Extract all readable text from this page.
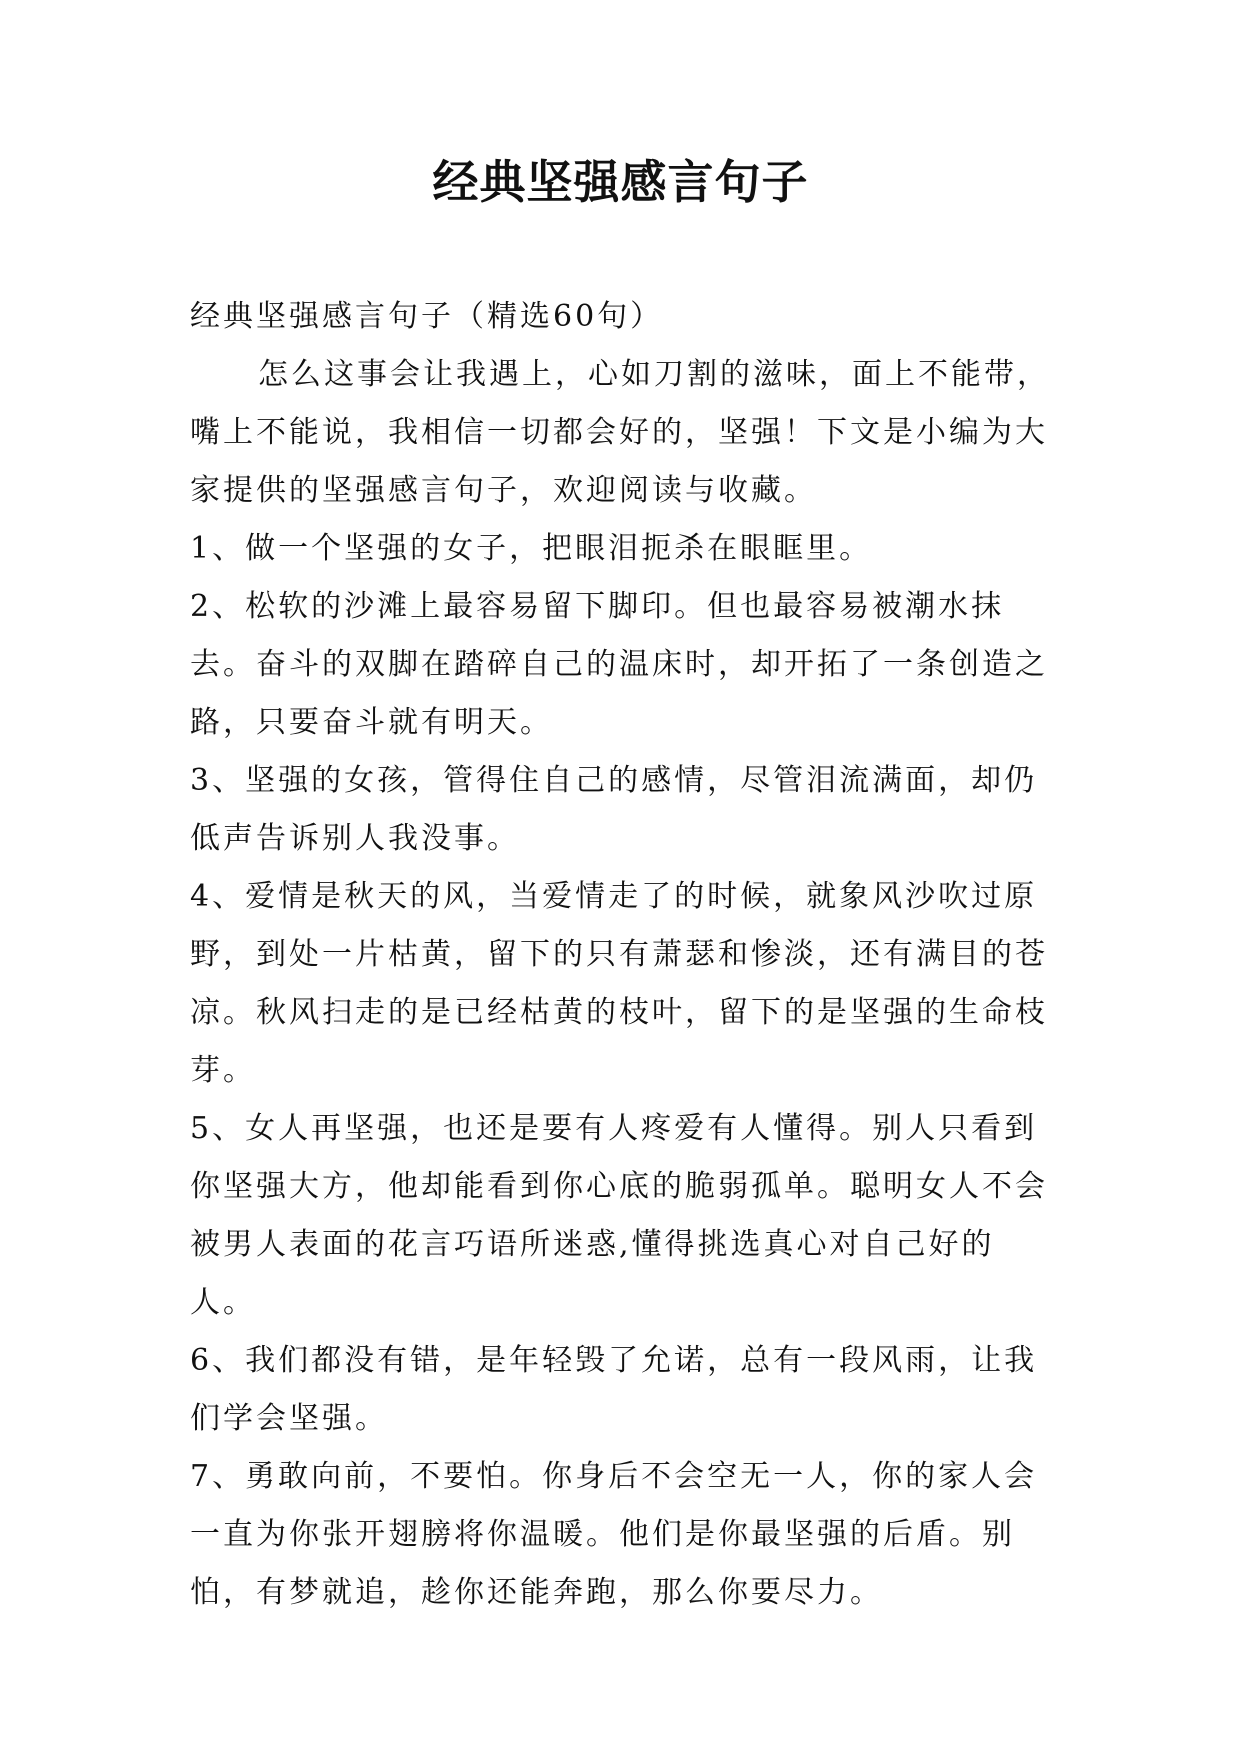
经典坚强感言句子

经典坚强感言句子（精选60句）

怎么这事会让我遇上，心如刀割的滋味，面上不能带，嘴上不能说，我相信一切都会好的，坚强！下文是小编为大家提供的坚强感言句子，欢迎阅读与收藏。

1、做一个坚强的女子，把眼泪扼杀在眼眶里。

2、松软的沙滩上最容易留下脚印。但也最容易被潮水抹去。奋斗的双脚在踏碎自己的温床时，却开拓了一条创造之路，只要奋斗就有明天。

3、坚强的女孩，管得住自己的感情，尽管泪流满面，却仍低声告诉别人我没事。

4、爱情是秋天的风，当爱情走了的时候，就象风沙吹过原野，到处一片枯黄，留下的只有萧瑟和惨淡，还有满目的苍凉。秋风扫走的是已经枯黄的枝叶，留下的是坚强的生命枝芽。

5、女人再坚强，也还是要有人疼爱有人懂得。别人只看到你坚强大方，他却能看到你心底的脆弱孤单。聪明女人不会被男人表面的花言巧语所迷惑,懂得挑选真心对自己好的人。

6、我们都没有错，是年轻毁了允诺，总有一段风雨，让我们学会坚强。

7、勇敢向前，不要怕。你身后不会空无一人，你的家人会一直为你张开翅膀将你温暖。他们是你最坚强的后盾。别怕，有梦就追，趁你还能奔跑，那么你要尽力。
